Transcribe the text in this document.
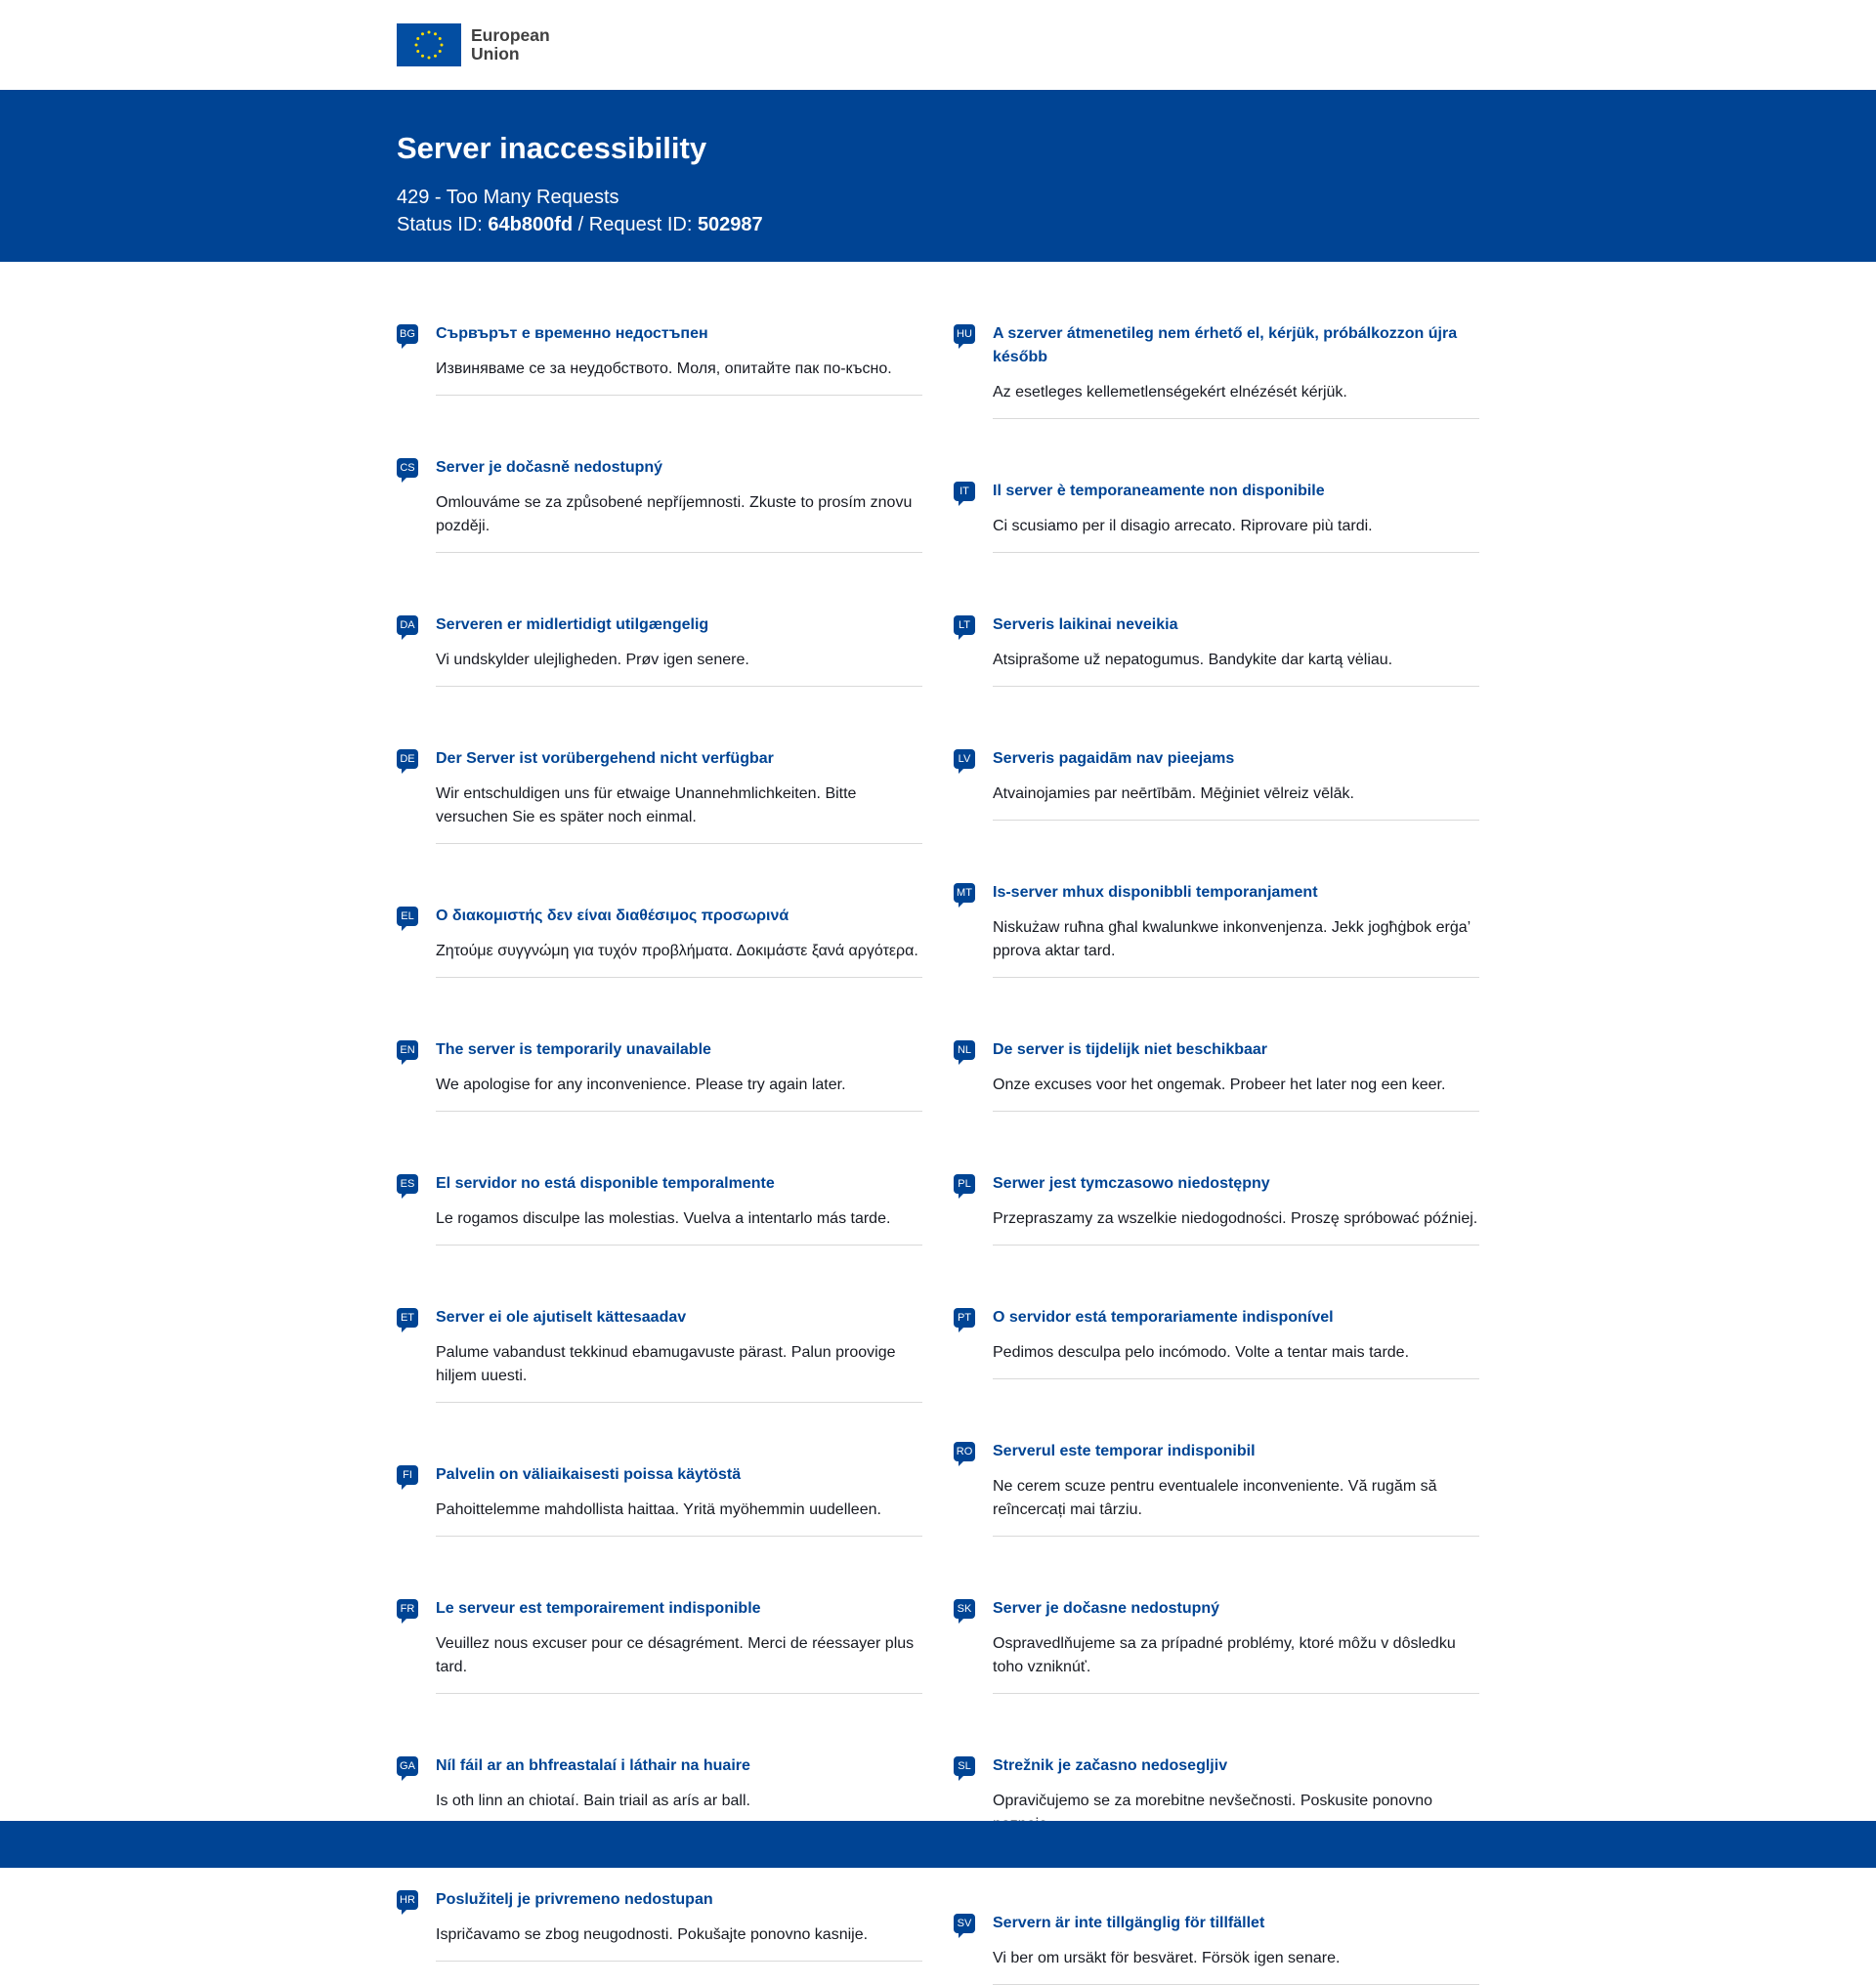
European
Union
Server inaccessibility
429 - Too Many Requests
Status ID: 64b800fd / Request ID: 502987
BG Сървърът е временно недостъпен

Извиняваме се за неудобството. Моля, опитайте пак по-късно.

CS Server je dočasně nedostupný

Omlouváme se za způsobené nepříjemnosti. Zkuste to prosím znovu později.

DA Serveren er midlertidigt utilgængelig

Vi undskylder ulejligheden. Prøv igen senere.

DE Der Server ist vorübergehend nicht verfügbar

Wir entschuldigen uns für etwaige Unannehmlichkeiten. Bitte versuchen Sie es später noch einmal.

EL Ο διακομιστής δεν είναι διαθέσιμος προσωρινά

Ζητούμε συγγνώμη για τυχόν προβλήματα. Δοκιμάστε ξανά αργότερα.

EN The server is temporarily unavailable

We apologise for any inconvenience. Please try again later.

ES El servidor no está disponible temporalmente

Le rogamos disculpe las molestias. Vuelva a intentarlo más tarde.

ET Server ei ole ajutiselt kättesaadav

Palume vabandust tekkinud ebamugavuste pärast. Palun proovige hiljem uuesti.

FI	Palvelin on väliaikaisesti poissa käytöstä

Pahoittelemme mahdollista haittaa. Yritä myöhemmin uudelleen.

FR Le serveur est temporairement indisponible

Veuillez nous excuser pour ce désagrément. Merci de réessayer plus tard.

GA Níl fáil ar an bhfreastalaí i láthair na huaire

Is oth linn an chiotaí. Bain triail as arís ar ball.

HR Poslužitelj je privremeno nedostupan

Ispričavamo se zbog neugodnosti. Pokušajte ponovno kasnije.

HU A szerver átmenetileg nem érhető el, kérjük, próbálkozzon újra később

Az esetleges kellemetlenségekért elnézését kérjük.

IT	Il server è temporaneamente non disponibile

Ci scusiamo per il disagio arrecato. Riprovare più tardi.

LT	Serveris laikinai neveikia

Atsiprašome už nepatogumus. Bandykite dar kartą vėliau.

LV Serveris pagaidām nav pieejams

Atvainojamies par neērtībām. Mēģiniet vēlreiz vēlāk.

MT Is-server mhux disponibbli temporanjament

Niskużaw ruħna għal kwalunkwe inkonvenjenza. Jekk jogħġbok erġa’ pprova aktar tard.

NL De server is tijdelijk niet beschikbaar

Onze excuses voor het ongemak. Probeer het later nog een keer.

PL Serwer jest tymczasowo niedostępny

Przepraszamy za wszelkie niedogodności. Proszę spróbować później.

PT O servidor está temporariamente indisponível

Pedimos desculpa pelo incómodo. Volte a tentar mais tarde.

RO Serverul este temporar indisponibil

Ne cerem scuze pentru eventualele inconveniente. Vă rugăm să reîncercați mai târziu.

SK Server je dočasne nedostupný

Ospravedlňujeme sa za prípadné problémy, ktoré môžu v dôsledku toho vzniknúť.

SL Strežnik je začasno nedosegljiv

Opravičujemo se za morebitne nevšečnosti. Poskusite ponovno

SV Servern är inte tillgänglig för tillfället

Vi ber om ursäkt för besväret. Försök igen senare.
